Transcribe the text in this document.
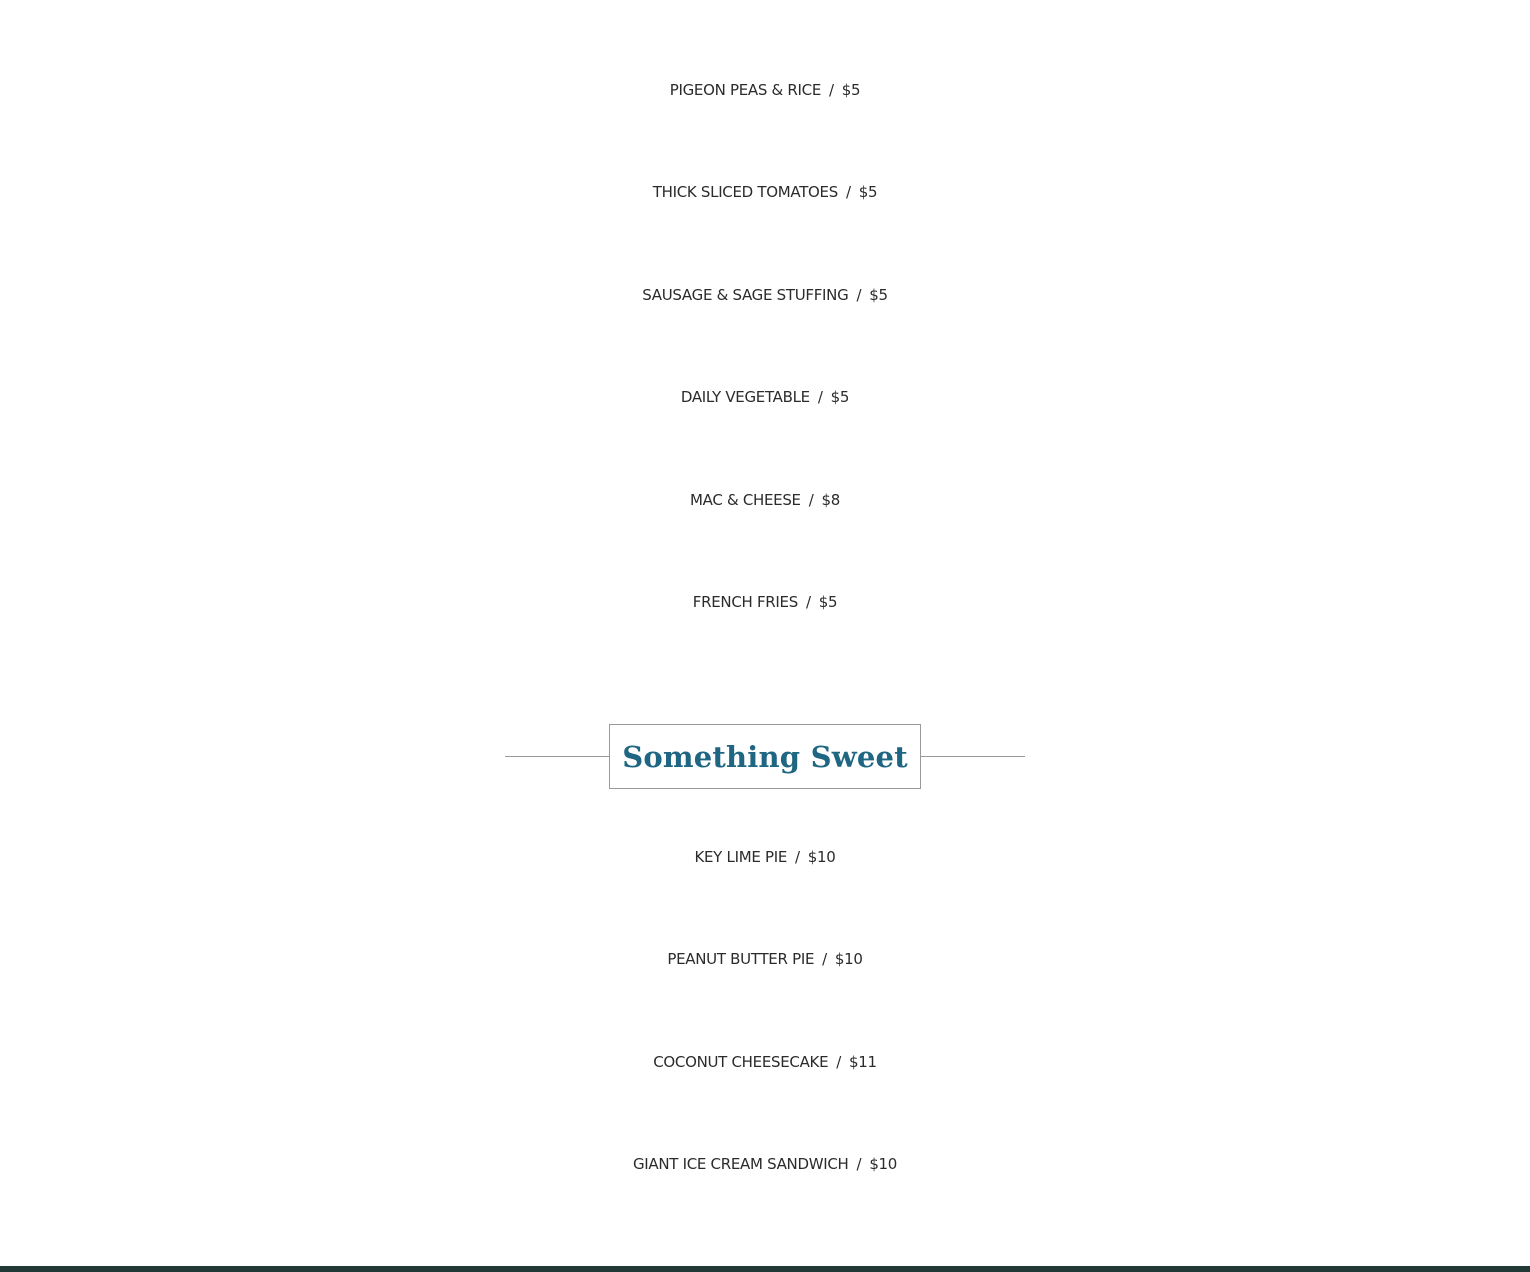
PIGEON PEAS & RICE / $5
THICK SLICED TOMATOES / $5
SAUSAGE & SAGE STUFFING / $5
DAILY VEGETABLE / $5
MAC & CHEESE / $8
FRENCH FRIES / $5
Something Sweet
KEY LIME PIE / $10
PEANUT BUTTER PIE / $10
COCONUT CHEESECAKE / $11
GIANT ICE CREAM SANDWICH / $10
